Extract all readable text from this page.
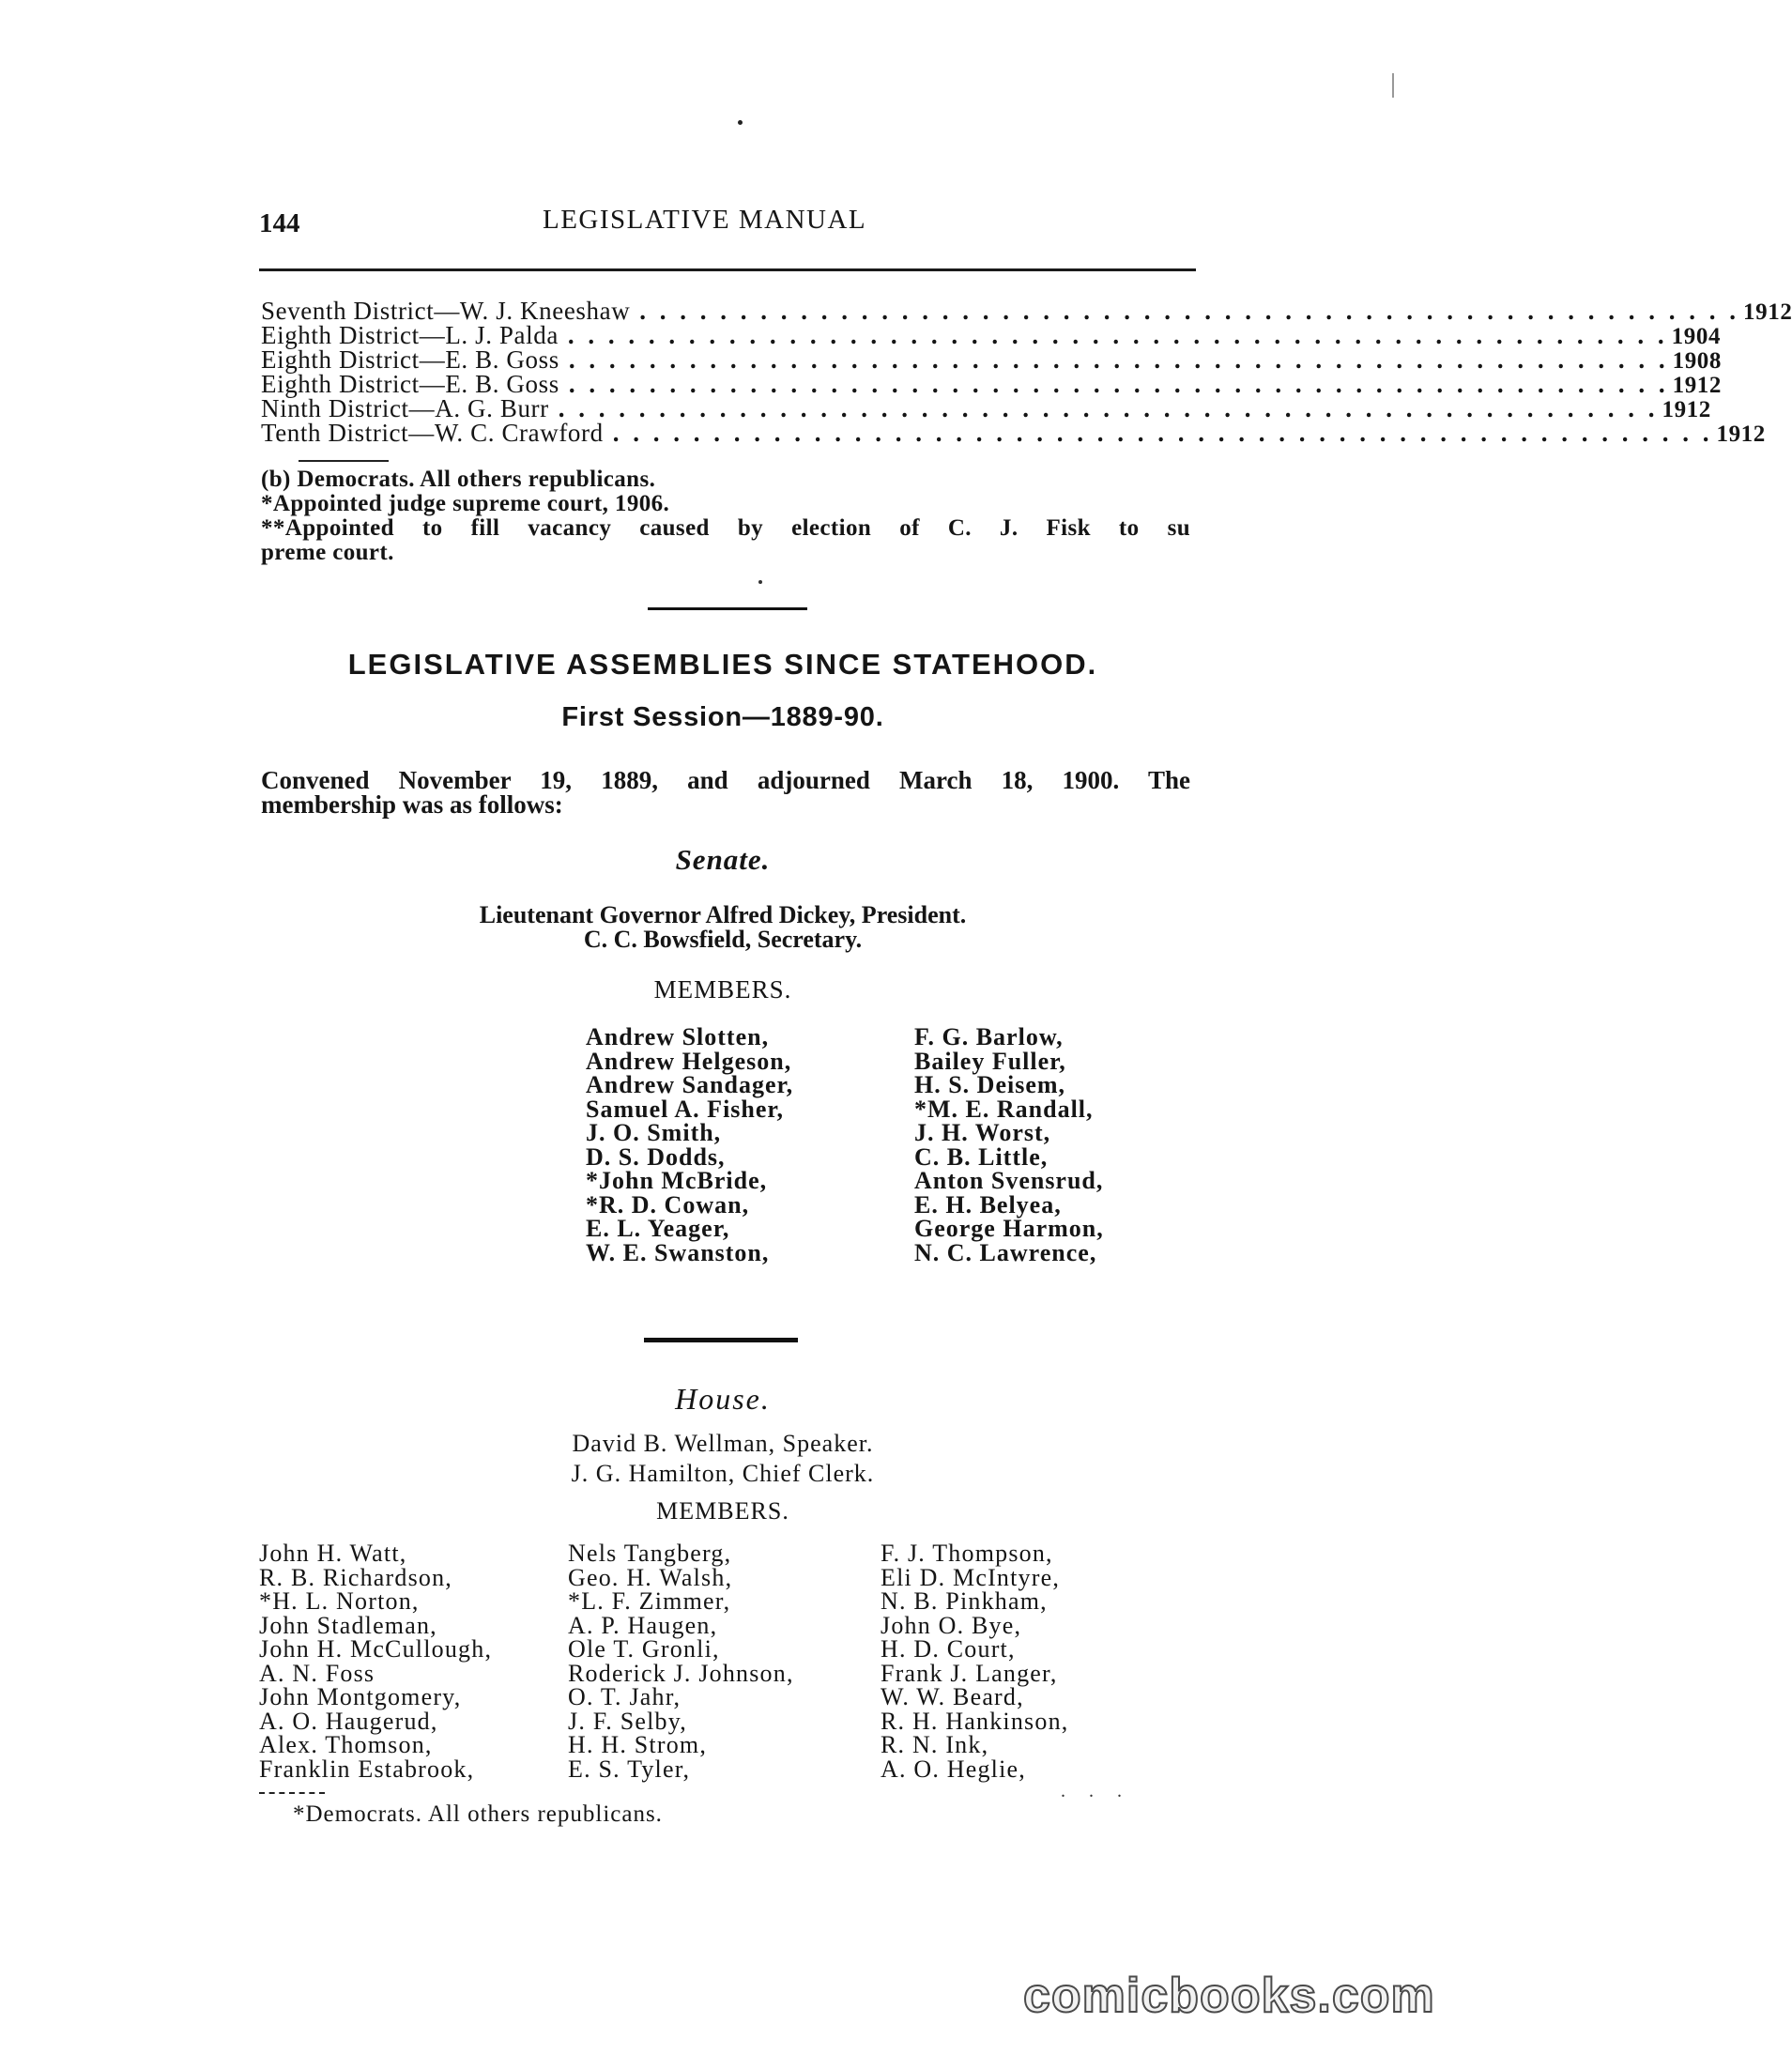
144	LEGISLATIVE MANUAL
Seventh District—W. J. Kneeshaw . . . . . . . . . . . . . . . . . . . . . . . . . . . . . . . . . . . . . . . . . . . . . . . . . . . . . . . 1912
Eighth District—L. J. Palda . . . . . . . . . . . . . . . . . . . . . . . . . . . . . . . . . . . . . . . . . . . . . . . . . . . . . . . 1904
Eighth District—E. B. Goss . . . . . . . . . . . . . . . . . . . . . . . . . . . . . . . . . . . . . . . . . . . . . . . . . . . . . . . 1908
Eighth District—E. B. Goss . . . . . . . . . . . . . . . . . . . . . . . . . . . . . . . . . . . . . . . . . . . . . . . . . . . . . . . 1912
Ninth District—A. G. Burr . . . . . . . . . . . . . . . . . . . . . . . . . . . . . . . . . . . . . . . . . . . . . . . . . . . . . . . 1912
Tenth District—W. C. Crawford . . . . . . . . . . . . . . . . . . . . . . . . . . . . . . . . . . . . . . . . . . . . . . . . . . . . . . . 1912
(b) Democrats. All others republicans.
*Appointed judge supreme court, 1906.
**Appointed to fill vacancy caused by election of C. J. Fisk to su
preme court.
LEGISLATIVE ASSEMBLIES SINCE STATEHOOD.
First Session—1889-90.
Convened November 19, 1889, and adjourned March 18, 1900. The
membership was as follows:
Senate.
Lieutenant Governor Alfred Dickey, President.
C. C. Bowsfield, Secretary.
MEMBERS.
Andrew Slotten,
Andrew Helgeson,
Andrew Sandager,
Samuel A. Fisher,
J. O. Smith,
D. S. Dodds,
*John McBride,
*R. D. Cowan,
E. L. Yeager,
W. E. Swanston,
F. G. Barlow,
Bailey Fuller,
H. S. Deisem,
*M. E. Randall,
J. H. Worst,
C. B. Little,
Anton Svensrud,
E. H. Belyea,
George Harmon,
N. C. Lawrence,
House.
David B. Wellman, Speaker.
J. G. Hamilton, Chief Clerk.
MEMBERS.
John H. Watt,
R. B. Richardson,
*H. L. Norton,
John Stadleman,
John H. McCullough,
A. N. Foss
John Montgomery,
A. O. Haugerud,
Alex. Thomson,
Franklin Estabrook,
Nels Tangberg,
Geo. H. Walsh,
*L. F. Zimmer,
A. P. Haugen,
Ole T. Gronli,
Roderick J. Johnson,
O. T. Jahr,
J. F. Selby,
H. H. Strom,
E. S. Tyler,
F. J. Thompson,
Eli D. McIntyre,
N. B. Pinkham,
John O. Bye,
H. D. Court,
Frank J. Langer,
W. W. Beard,
R. H. Hankinson,
R. N. Ink,
A. O. Heglie,
*Democrats. All others republicans.
. . .
comicbooks.com
